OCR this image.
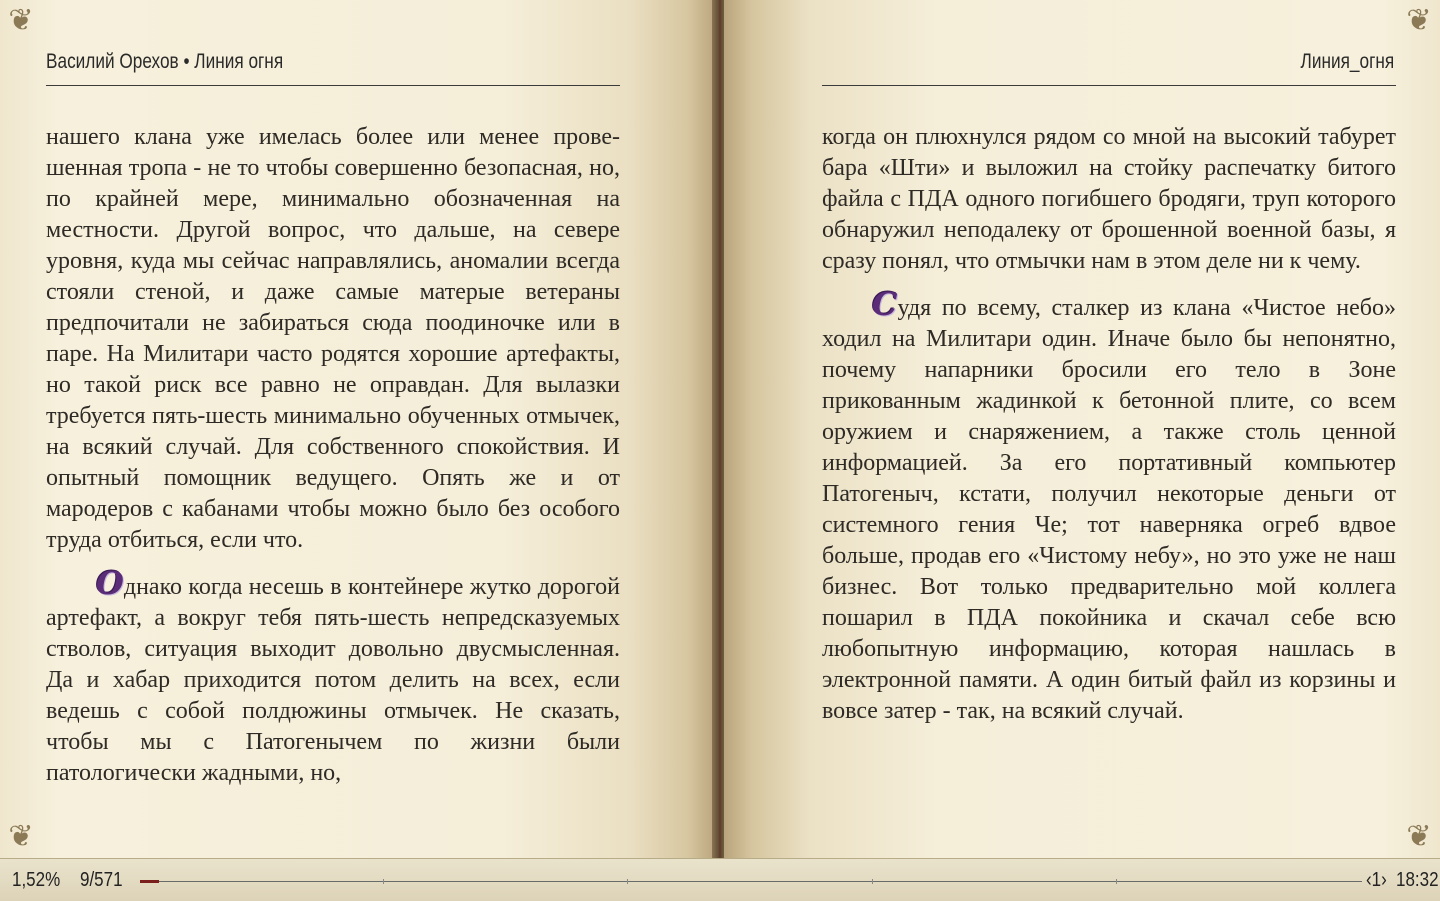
❦
❦
Василий Орехов • Линия огня

нашего клана уже имелась более или менее провешенная тропа - не то чтобы совершенно безопасная, но, по крайней мере, минимально обозначенная на местности. Другой вопрос, что дальше, на севере уровня, куда мы сейчас направлялись, аномалии всегда стояли стеной, и даже самые матерые ветераны предпочитали не забираться сюда поодиночке или в паре. На Милитари часто родятся хорошие артефакты, но такой риск все равно не оправдан. Для вылазки требуется пять-шесть минимально обученных отмычек, на всякий случай. Для собственного спокойствия. И опытный помощник ведущего. Опять же и от мародеров с кабанами чтобы можно было без особого труда отбиться, если что.

Однако когда несешь в контейнере жутко дорогой артефакт, а вокруг тебя пять-шесть непредсказуемых стволов, ситуация выходит довольно двусмысленная. Да и хабар приходится потом делить на всех, если ведешь с собой полдюжины отмычек. Не сказать, чтобы мы с Патогенычем по жизни были патологически жадными, но,

❦
❦
Линия_огня

когда он плюхнулся рядом со мной на высокий табурет бара «Шти» и выложил на стойку распечатку битого файла с ПДА одного погибшего бродяги, труп которого обнаружил неподалеку от брошенной военной базы, я сразу понял, что отмычки нам в этом деле ни к чему.

Судя по всему, сталкер из клана «Чистое небо» ходил на Милитари один. Иначе было бы непонятно, почему напарники бросили его тело в Зоне прикованным жадинкой к бетонной плите, со всем оружием и снаряжением, а также столь ценной информацией. За его портативный компьютер Патогеныч, кстати, получил некоторые деньги от системного гения Че; тот наверняка огреб вдвое больше, продав его «Чистому небу», но это уже не наш бизнес. Вот только предварительно мой коллега пошарил в ПДА покойника и скачал себе всю любопытную информацию, которая нашлась в электронной памяти. А один битый файл из корзины и вовсе затер - так, на всякий случай.

1,52% 9/571	‹1› 18:32
